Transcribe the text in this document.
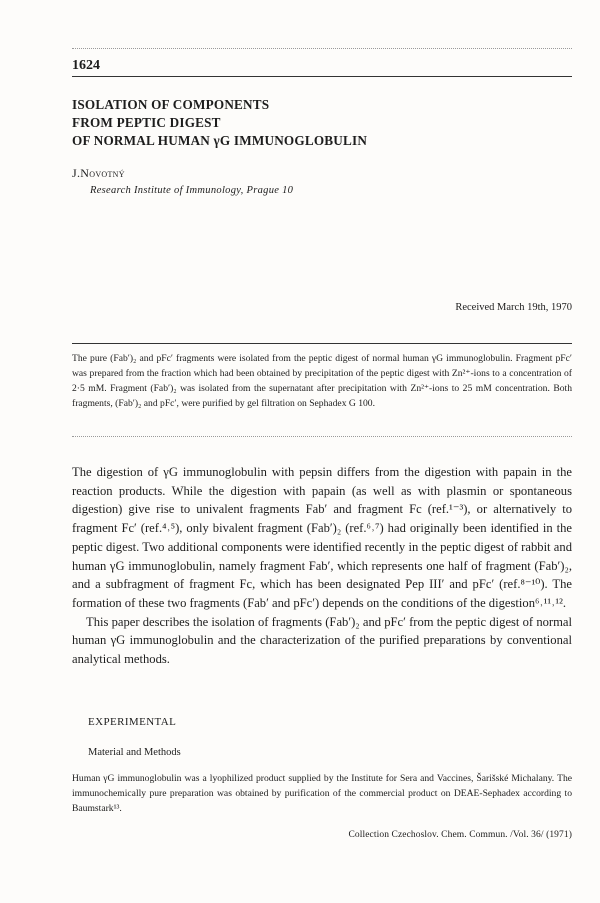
1624
ISOLATION OF COMPONENTS
FROM PEPTIC DIGEST
OF NORMAL HUMAN γG IMMUNOGLOBULIN
J.Novotný
Research Institute of Immunology, Prague 10
Received March 19th, 1970
The pure (Fab′)₂ and pFc′ fragments were isolated from the peptic digest of normal human γG immunoglobulin. Fragment pFc′ was prepared from the fraction which had been obtained by precipitation of the peptic digest with Zn²⁺-ions to a concentration of 2·5 mM. Fragment (Fab′)₂ was isolated from the supernatant after precipitation with Zn²⁺-ions to 25 mM concentration. Both fragments, (Fab′)₂ and pFc′, were purified by gel filtration on Sephadex G 100.

The digestion of γG immunoglobulin with pepsin differs from the digestion with papain in the reaction products. While the digestion with papain (as well as with plasmin or spontaneous digestion) give rise to univalent fragments Fab′ and fragment Fc (ref.¹⁻³), or alternatively to fragment Fc′ (ref.⁴˒⁵), only bivalent fragment (Fab′)₂ (ref.⁶˒⁷) had originally been identified in the peptic digest. Two additional components were identified recently in the peptic digest of rabbit and human γG immunoglobulin, namely fragment Fab′, which represents one half of fragment (Fab′)₂, and a subfragment of fragment Fc, which has been designated Pep III′ and pFc′ (ref.⁸⁻¹⁰). The formation of these two fragments (Fab′ and pFc′) depends on the conditions of the digestion⁶˒¹¹˒¹².

This paper describes the isolation of fragments (Fab′)₂ and pFc′ from the peptic digest of normal human γG immunoglobulin and the characterization of the purified preparations by conventional analytical methods.

EXPERIMENTAL
Material and Methods
Human γG immunoglobulin was a lyophilized product supplied by the Institute for Sera and Vaccines, Šarišské Michalany. The immunochemically pure preparation was obtained by purification of the commercial product on DEAE-Sephadex according to Baumstark¹³.
Collection Czechoslov. Chem. Commun. /Vol. 36/ (1971)
